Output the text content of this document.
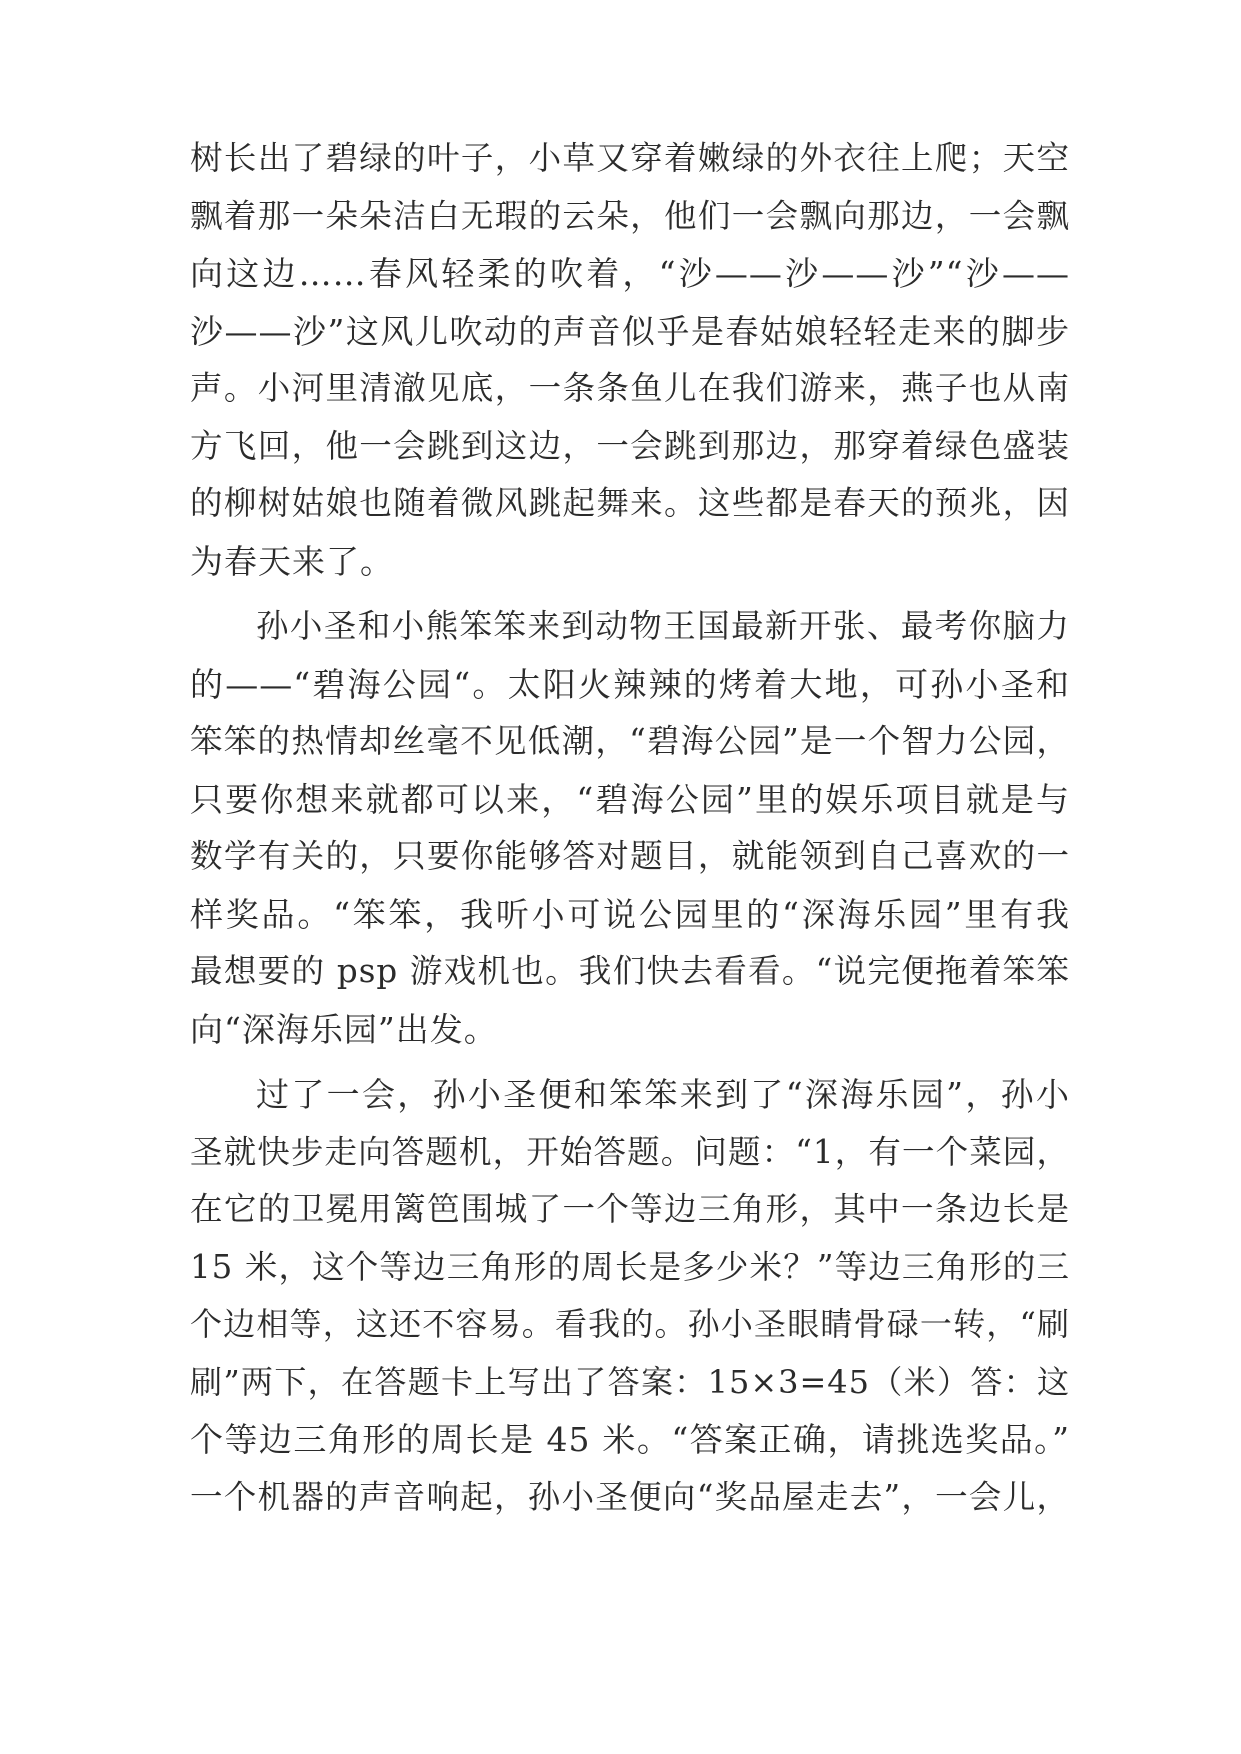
树长出了碧绿的叶子，小草又穿着嫩绿的外衣往上爬；天空
飘着那一朵朵洁白无瑕的云朵，他们一会飘向那边，一会飘
向这边……春风轻柔的吹着，“沙——沙——沙”“沙——
沙——沙”这风儿吹动的声音似乎是春姑娘轻轻走来的脚步
声。小河里清澈见底，一条条鱼儿在我们游来，燕子也从南
方飞回，他一会跳到这边，一会跳到那边，那穿着绿色盛装
的柳树姑娘也随着微风跳起舞来。这些都是春天的预兆，因
为春天来了。
孙小圣和小熊笨笨来到动物王国最新开张、最考你脑力
的——“碧海公园“。太阳火辣辣的烤着大地，可孙小圣和
笨笨的热情却丝毫不见低潮，“碧海公园”是一个智力公园，
只要你想来就都可以来，“碧海公园”里的娱乐项目就是与
数学有关的，只要你能够答对题目，就能领到自己喜欢的一
样奖品。“笨笨，我听小可说公园里的“深海乐园”里有我
最想要的 psp 游戏机也。我们快去看看。“说完便拖着笨笨
向“深海乐园”出发。
过了一会，孙小圣便和笨笨来到了“深海乐园”，孙小
圣就快步走向答题机，开始答题。问题：“1，有一个菜园，
在它的卫冕用篱笆围城了一个等边三角形，其中一条边长是
15 米，这个等边三角形的周长是多少米？”等边三角形的三
个边相等，这还不容易。看我的。孙小圣眼睛骨碌一转，“刷
刷”两下，在答题卡上写出了答案：15×3=45（米）答：这
个等边三角形的周长是 45 米。“答案正确，请挑选奖品。”
一个机器的声音响起，孙小圣便向“奖品屋走去”，一会儿，
